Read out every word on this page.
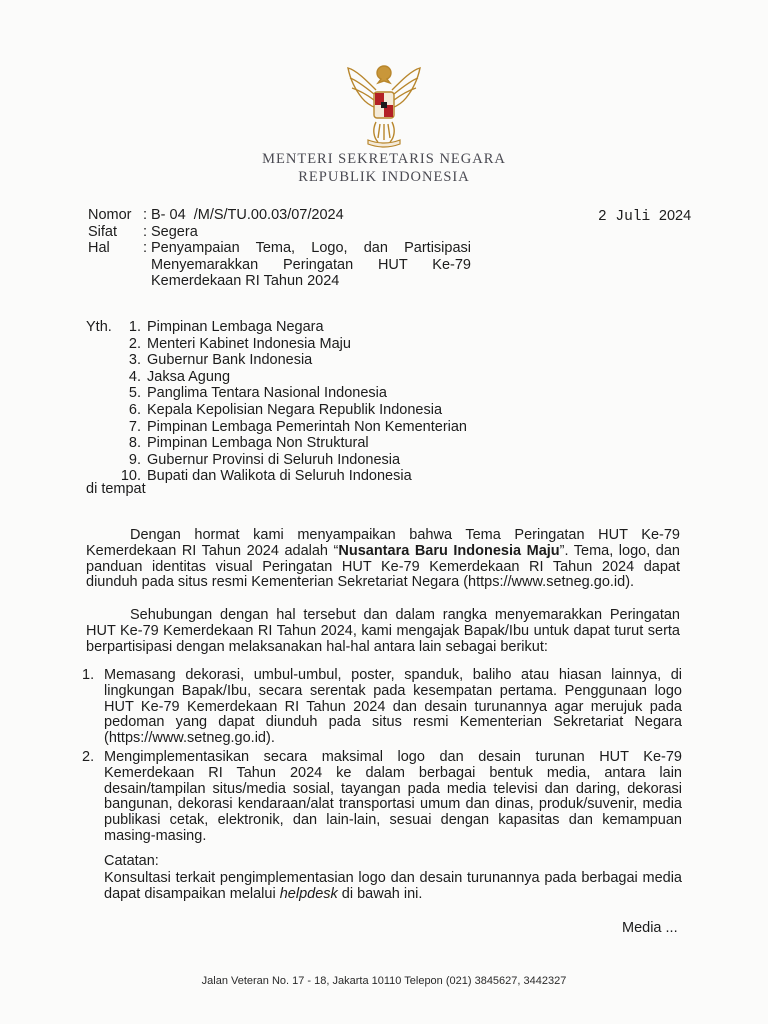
MENTERI SEKRETARIS NEGARA
REPUBLIK INDONESIA
Nomor : B- 04  /M/S/TU.00.03/07/2024
Sifat	: Segera
Hal	: Penyampaian Tema, Logo, dan Partisipasi Menyemarakkan Peringatan HUT Ke-79 Kemerdekaan RI Tahun 2024
2 Juli 2024
Yth.	1. Pimpinan Lembaga Negara
2. Menteri Kabinet Indonesia Maju
3. Gubernur Bank Indonesia
4. Jaksa Agung
5. Panglima Tentara Nasional Indonesia
6. Kepala Kepolisian Negara Republik Indonesia
7. Pimpinan Lembaga Pemerintah Non Kementerian
8. Pimpinan Lembaga Non Struktural
9. Gubernur Provinsi di Seluruh Indonesia
10. Bupati dan Walikota di Seluruh Indonesia
di tempat

Dengan hormat kami menyampaikan bahwa Tema Peringatan HUT Ke-79 Kemerdekaan RI Tahun 2024 adalah “Nusantara Baru Indonesia Maju”. Tema, logo, dan panduan identitas visual Peringatan HUT Ke-79 Kemerdekaan RI Tahun 2024 dapat diunduh pada situs resmi Kementerian Sekretariat Negara (https://www.setneg.go.id).

Sehubungan dengan hal tersebut dan dalam rangka menyemarakkan Peringatan HUT Ke-79 Kemerdekaan RI Tahun 2024, kami mengajak Bapak/Ibu untuk dapat turut serta berpartisipasi dengan melaksanakan hal-hal antara lain sebagai berikut:

1. Memasang dekorasi, umbul-umbul, poster, spanduk, baliho atau hiasan lainnya, di lingkungan Bapak/Ibu, secara serentak pada kesempatan pertama. Penggunaan logo HUT Ke-79 Kemerdekaan RI Tahun 2024 dan desain turunannya agar merujuk pada pedoman yang dapat diunduh pada situs resmi Kementerian Sekretariat Negara (https://www.setneg.go.id).
2. Mengimplementasikan secara maksimal logo dan desain turunan HUT Ke-79 Kemerdekaan RI Tahun 2024 ke dalam berbagai bentuk media, antara lain desain/tampilan situs/media sosial, tayangan pada media televisi dan daring, dekorasi bangunan, dekorasi kendaraan/alat transportasi umum dan dinas, produk/suvenir, media publikasi cetak, elektronik, dan lain-lain, sesuai dengan kapasitas dan kemampuan masing-masing.
Catatan:
Konsultasi terkait pengimplementasian logo dan desain turunannya pada berbagai media dapat disampaikan melalui helpdesk di bawah ini.
Media ...
Jalan Veteran No. 17 - 18, Jakarta 10110 Telepon (021) 3845627, 3442327
